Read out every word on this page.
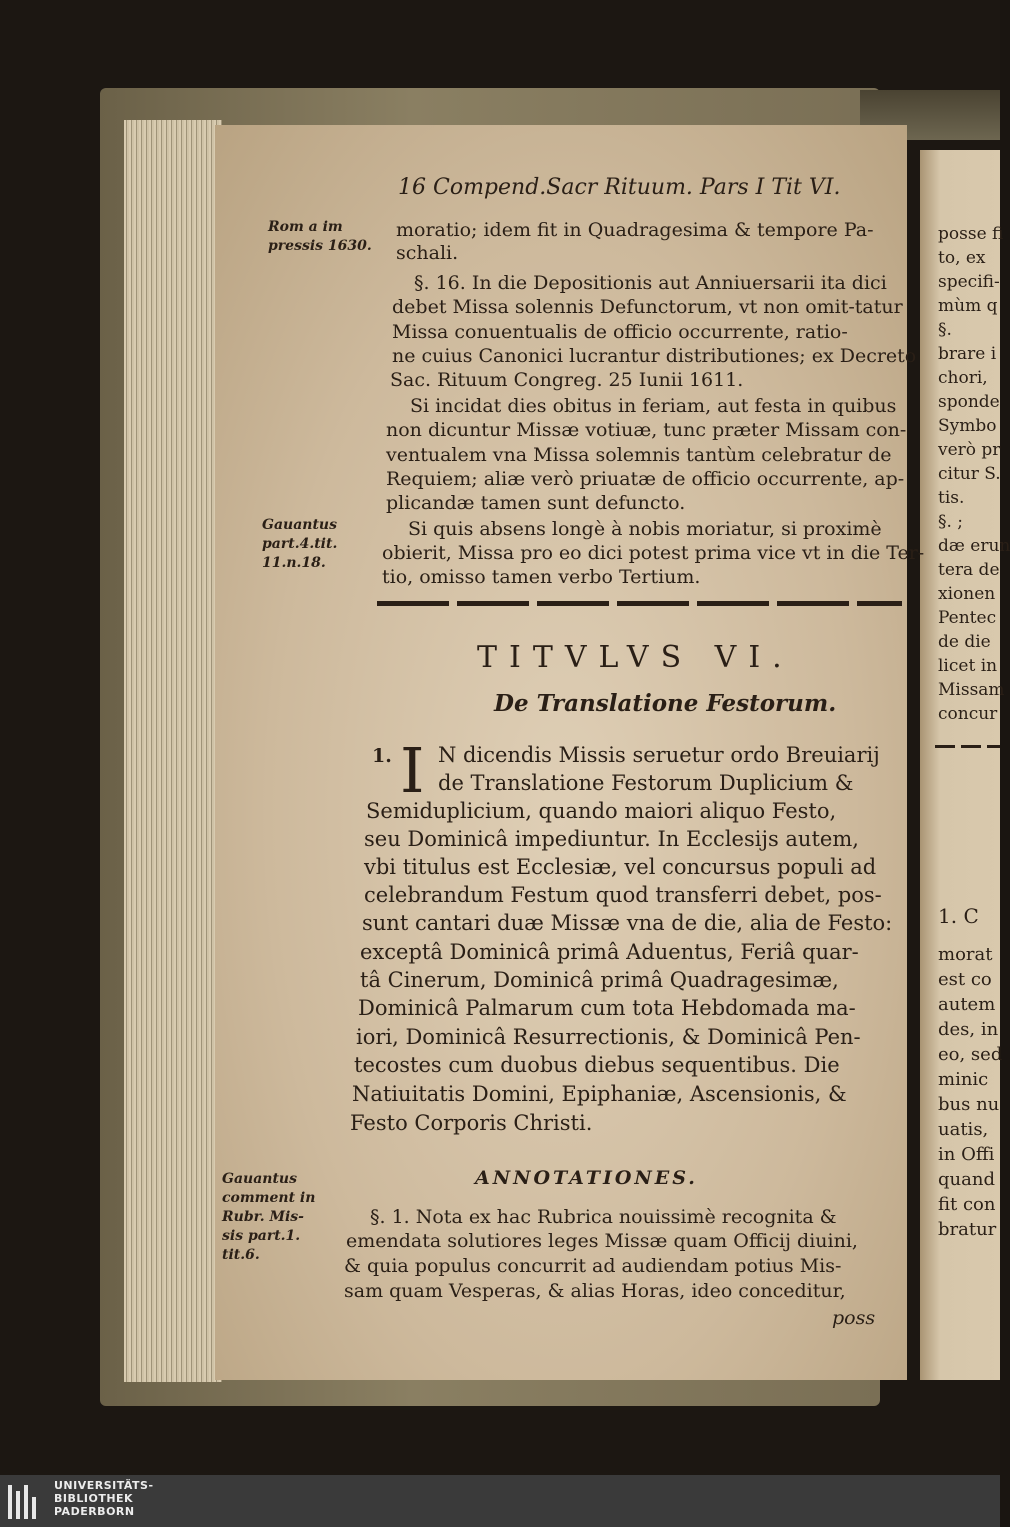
16 Compend.Sacr Rituum. Pars I Tit VI.
Rom a im
pressis 1630.
Gauantus
part.4.tit.
11.n.18.
Gauantus
comment in
Rubr. Mis-
sis part.1.
tit.6.
moratio; idem fit in Quadragesima & tempore Pa-
schali.
§. 16. In die Depositionis aut Anniuersarii ita dici
debet Missa solennis Defunctorum, vt non omit-tatur
Missa conuentualis de officio occurrente, ratio-
ne cuius Canonici lucrantur distributiones; ex Decreto
Sac. Rituum Congreg. 25 Iunii 1611.
Si incidat dies obitus in feriam, aut festa in quibus
non dicuntur Missæ votiuæ, tunc præter Missam con-
ventualem vna Missa solemnis tantùm celebratur de
Requiem; aliæ verò priuatæ de officio occurrente, ap-
plicandæ tamen sunt defuncto.
Si quis absens longè à nobis moriatur, si proximè
obierit, Missa pro eo dici potest prima vice vt in die Ter-
tio, omisso tamen verbo Tertium.
TITVLVS VI.
De Translatione Festorum.
1. I N dicendis Missis seruetur ordo Breuiarij
de Translatione Festorum Duplicium &
Semiduplicium, quando maiori aliquo Festo,
seu Dominicâ impediuntur. In Ecclesijs autem,
vbi titulus est Ecclesiæ, vel concursus populi ad
celebrandum Festum quod transferri debet, pos-
sunt cantari duæ Missæ vna de die, alia de Festo:
exceptâ Dominicâ primâ Aduentus, Feriâ quar-
tâ Cinerum, Dominicâ primâ Quadragesimæ,
Dominicâ Palmarum cum tota Hebdomada ma-
iori, Dominicâ Resurrectionis, & Dominicâ Pen-
tecostes cum duobus diebus sequentibus. Die
Natiuitatis Domini, Epiphaniæ, Ascensionis, &
Festo Corporis Christi.
ANNOTATIONES.
§. 1. Nota ex hac Rubrica nouissimè recognita &
emendata solutiores leges Missæ quam Officij diuini,
& quia populus concurrit ad audiendam potius Mis-
sam quam Vesperas, & alias Horas, ideo conceditur,
poss
posse fi
to, ex
specifi-
mùm q
§.
brare i
chori,
sponde
Symbo
verò pr
citur S.
tis.
§. ;
dæ erun
tera de
xionen
Pentec
de die
licet in
Missam
concur
1. C
morat
est co
autem
des, in
eo, sed
minic
bus nu
uatis,
in Offi
quand
fit con
bratur
UNIVERSITÄTS-
BIBLIOTHEK
PADERBORN
